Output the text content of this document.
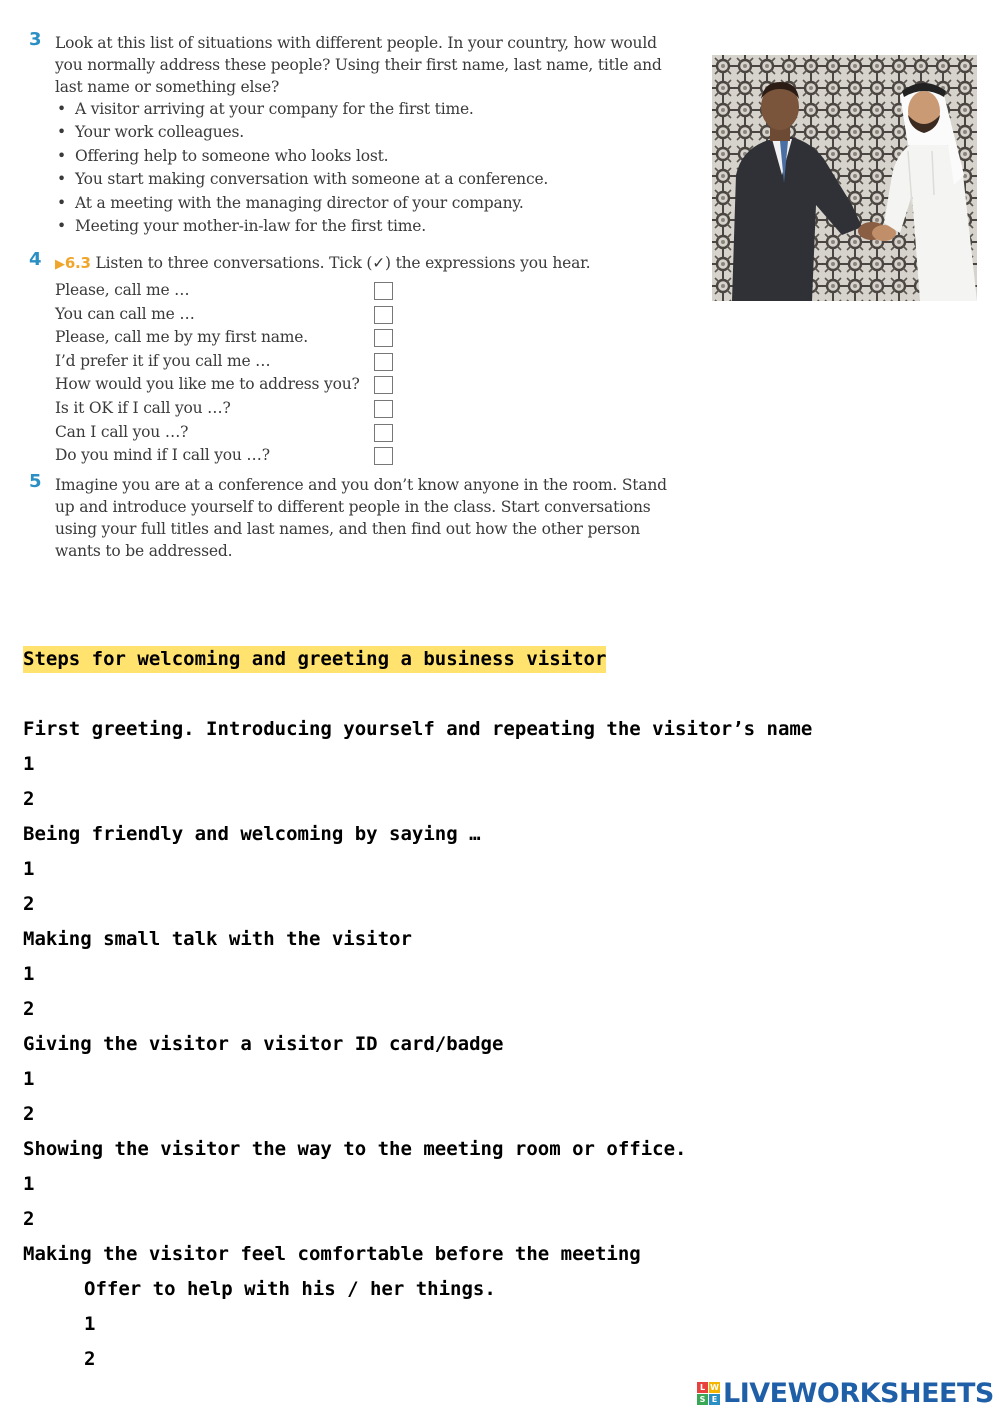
3 Look at this list of situations with different people. In your country, how would you normally address these people? Using their first name, last name, title and last name or something else?
• A visitor arriving at your company for the first time.
• Your work colleagues.
• Offering help to someone who looks lost.
• You start making conversation with someone at a conference.
• At a meeting with the managing director of your company.
• Meeting your mother-in-law for the first time.
4 ▶6.3 Listen to three conversations. Tick (✓) the expressions you hear.
Please, call me …
You can call me …
Please, call me by my first name.
I’d prefer it if you call me …
How would you like me to address you?
Is it OK if I call you …?
Can I call you …?
Do you mind if I call you …?
5 Imagine you are at a conference and you don’t know anyone in the room. Stand up and introduce yourself to different people in the class. Start conversations using your full titles and last names, and then find out how the other person wants to be addressed.
Steps for welcoming and greeting a business visitor
First greeting. Introducing yourself and repeating the visitor’s name
1
2
Being friendly and welcoming by saying …
1
2
Making small talk with the visitor
1
2
Giving the visitor a visitor ID card/badge
1
2
Showing the visitor the way to the meeting room or office.
1
2
Making the visitor feel comfortable before the meeting
Offer to help with his / her things.
1
2
L W
S E LIVEWORKSHEETS
